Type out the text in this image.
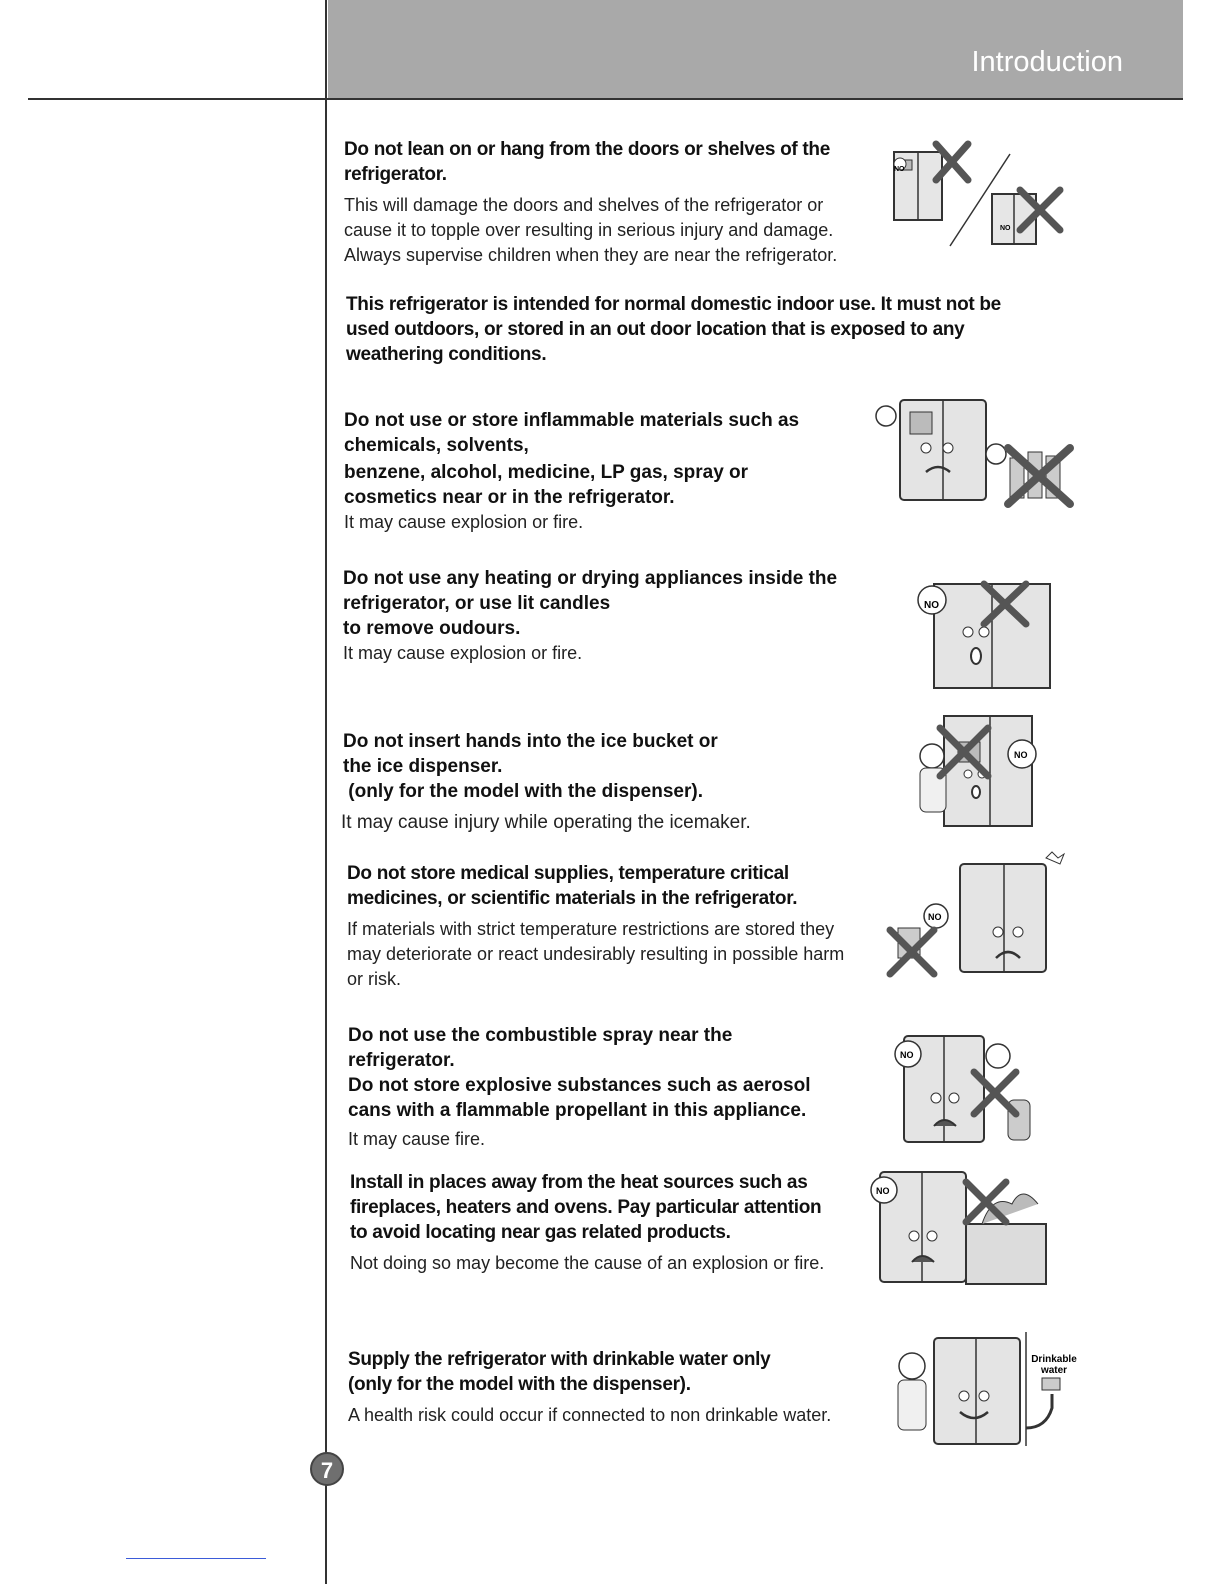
Introduction

Do not lean on or hang from the doors or shelves of the
refrigerator.

This will damage the doors and shelves of the refrigerator or
cause it to topple over resulting in serious injury and damage.
Always supervise children when they are near the refrigerator.

NO
NO

This refrigerator is intended for normal domestic indoor use. It must not be
used outdoors, or stored in an out door location that is exposed to any
weathering conditions.

Do not use or store inflammable materials such as
chemicals, solvents,

benzene, alcohol, medicine, LP gas, spray or
cosmetics near or in the refrigerator.

It may cause explosion or fire.

Do not use any heating or drying appliances inside the
refrigerator, or use lit candles
to remove oudours.

It may cause explosion or fire.

NO

Do not insert hands into the ice bucket or
the ice dispenser.
(only for the model with the dispenser).

It may cause injury while operating the icemaker.

NO

Do not store medical supplies, temperature critical
medicines, or scientific materials in the refrigerator.

If materials with strict temperature restrictions are stored they
may deteriorate or react undesirably resulting in possible harm
or risk.

NO

Do not use the combustible spray near the
refrigerator.
Do not store explosive substances such as aerosol
cans with a flammable propellant in this appliance.

It may cause fire.

NO

Install in places away from the heat sources such as
fireplaces, heaters and ovens. Pay particular attention
to avoid locating near gas related products.

Not doing so may become the cause of an explosion or fire.

NO

Supply the refrigerator with drinkable water only
(only for the model with the dispenser).

A health risk could occur if connected to non drinkable water.

Drinkable
water
7
